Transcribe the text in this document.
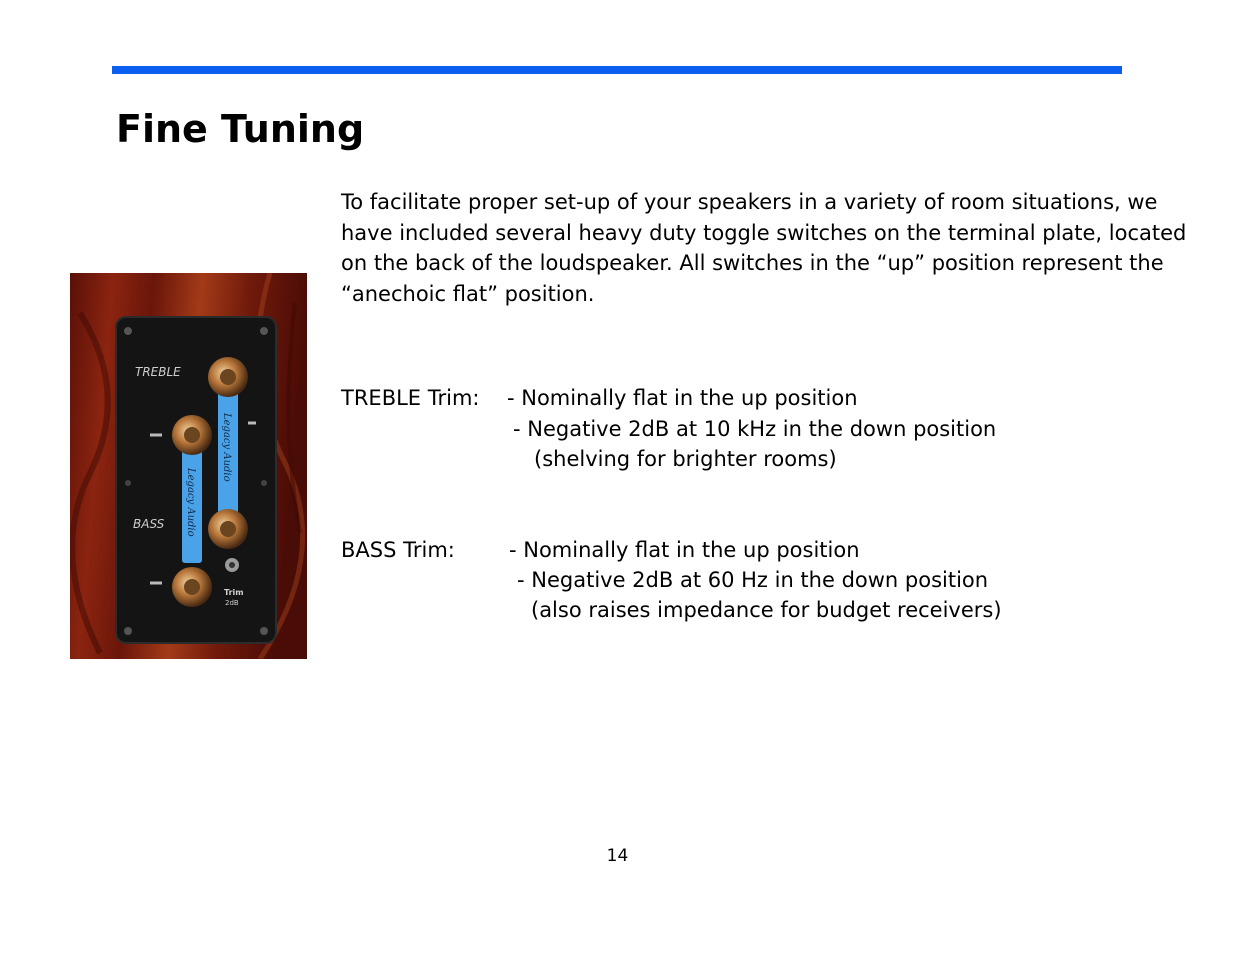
Fine Tuning
TREBLE
BASS
Legacy Audio
Legacy Audio
Trim
2dB

To facilitate proper set-up of your speakers in a variety of room situations, we have included several heavy duty toggle switches on the terminal plate, located on the back of the loudspeaker. All switches in the “up” position represent the “anechoic flat” position.

TREBLE Trim: - Nominally flat in the up position
- Negative 2dB at 10 kHz in the down position
(shelving for brighter rooms)
BASS Trim:	- Nominally flat in the up position
- Negative 2dB at 60 Hz in the down position
(also raises impedance for budget receivers)
14
